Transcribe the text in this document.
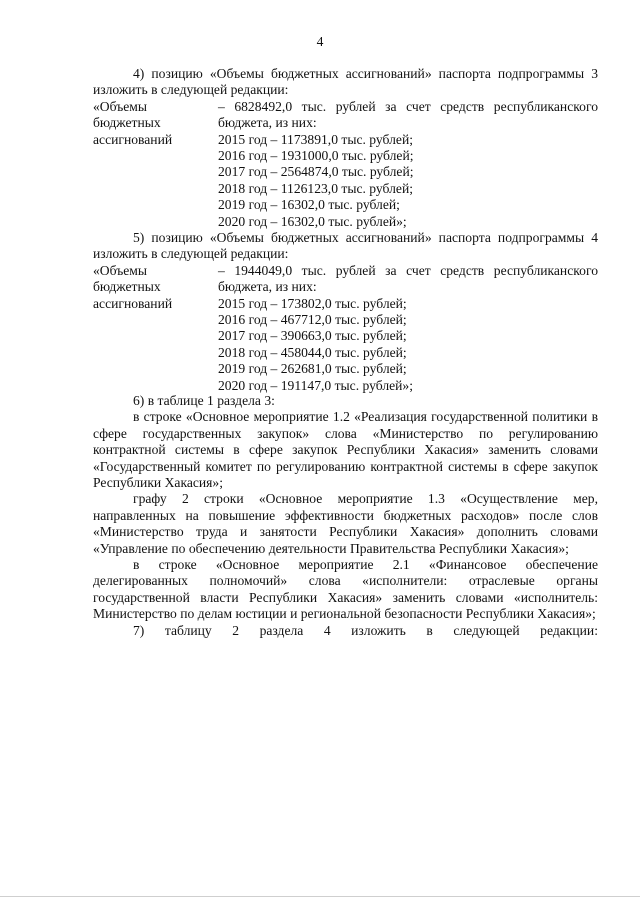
4

4) позицию «Объемы бюджетных ассигнований» паспорта подпрограммы 3

изложить в следующей редакции:

«Объемы
бюджетных
ассигнований
– 6828492,0 тыс. рублей за счет средств республиканского
бюджета, из них:
2015 год – 1173891,0 тыс. рублей;
2016 год – 1931000,0 тыс. рублей;
2017 год – 2564874,0 тыс. рублей;
2018 год – 1126123,0 тыс. рублей;
2019 год – 16302,0 тыс. рублей;
2020 год – 16302,0 тыс. рублей»;

5) позицию «Объемы бюджетных ассигнований» паспорта подпрограммы 4

изложить в следующей редакции:

«Объемы
бюджетных
ассигнований
– 1944049,0 тыс. рублей за счет средств республиканского
бюджета, из них:
2015 год – 173802,0 тыс. рублей;
2016 год – 467712,0 тыс. рублей;
2017 год – 390663,0 тыс. рублей;
2018 год – 458044,0 тыс. рублей;
2019 год – 262681,0 тыс. рублей;
2020 год – 191147,0 тыс. рублей»;

6) в таблице 1 раздела 3:

в строке «Основное мероприятие 1.2 «Реализация государственной политики в сфере государственных закупок» слова «Министерство по регулированию контрактной системы в сфере закупок Республики Хакасия» заменить словами «Государственный комитет по регулированию контрактной системы в сфере закупок Республики Хакасия»;

графу 2 строки «Основное мероприятие 1.3 «Осуществление мер, направленных на повышение эффективности бюджетных расходов» после слов «Министерство труда и занятости Республики Хакасия» дополнить словами «Управление по обеспечению деятельности Правительства Республики Хакасия»;

в строке «Основное мероприятие 2.1 «Финансовое обеспечение делегированных полномочий» слова «исполнители: отраслевые органы государственной власти Республики Хакасия» заменить словами «исполнитель: Министерство по делам юстиции и региональной безопасности Республики Хакасия»;

7) таблицу 2 раздела 4 изложить в следующей редакции:
